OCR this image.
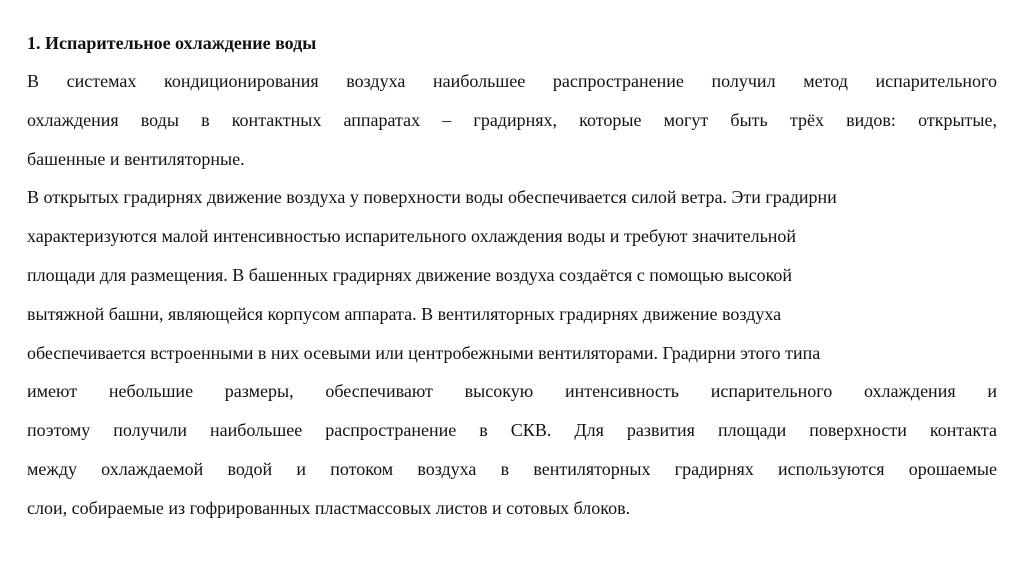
1. Испарительное охлаждение воды
В системах кондиционирования воздуха наибольшее распространение получил метод испарительного
охлаждения воды в контактных аппаратах – градирнях, которые могут быть трёх видов: открытые,
башенные и вентиляторные.
В открытых градирнях движение воздуха у поверхности воды обеспечивается силой ветра. Эти градирни
характеризуются малой интенсивностью испарительного охлаждения воды и требуют значительной
площади для размещения. В башенных градирнях движение воздуха создаётся с помощью высокой
вытяжной башни, являющейся корпусом аппарата. В вентиляторных градирнях движение воздуха
обеспечивается встроенными в них осевыми или центробежными вентиляторами. Градирни этого типа
имеют небольшие размеры, обеспечивают высокую интенсивность испарительного охлаждения и
поэтому получили наибольшее распространение в СКВ. Для развития площади поверхности контакта
между охлаждаемой водой и потоком воздуха в вентиляторных градирнях используются орошаемые
слои, собираемые из гофрированных пластмассовых листов и сотовых блоков.
